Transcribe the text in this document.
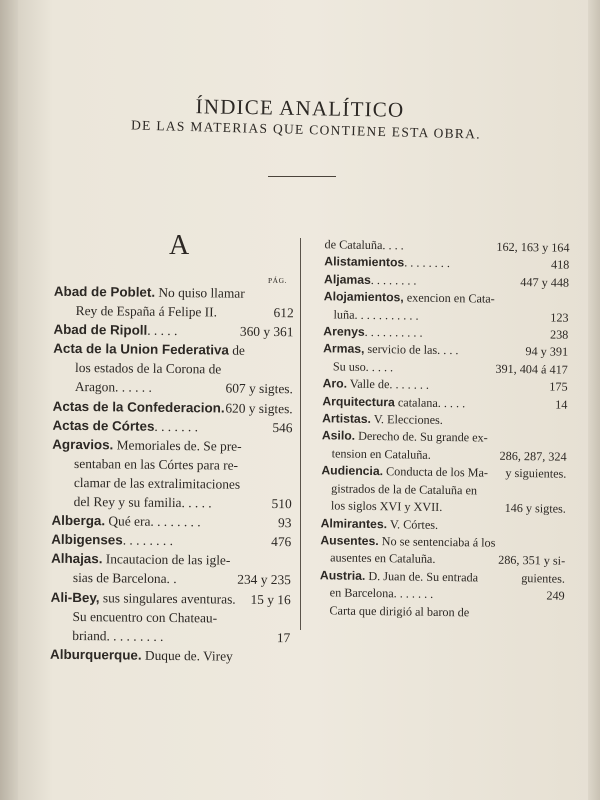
ÍNDICE ANALÍTICO
DE LAS MATERIAS QUE CONTIENE ESTA OBRA.
A
PÁG.
Abad de Poblet. No quiso llamar
Rey de España á Felipe II.	612
Abad de Ripoll. . . . .	360 y 361
Acta de la Union Federativa de
los estados de la Corona de
Aragon. . . . . .	607 y sigtes.
Actas de la Confederacion. 620 y sigtes.
Actas de Córtes. . . . . . .	546
Agravios. Memoriales de. Se pre-
sentaban en las Córtes para re-
clamar de las extralimitaciones
del Rey y su familia. . . . .	510
Alberga. Qué era. . . . . . . .	93
Albigenses. . . . . . . .	476
Alhajas. Incautacion de las igle-
sias de Barcelona. .	234 y 235
Ali-Bey, sus singulares aventuras. 15 y 16
Su encuentro con Chateau-
briand. . . . . . . . .	17
Alburquerque. Duque de. Virey
de Cataluña. . . .	162, 163 y 164
Alistamientos. . . . . . . .	418
Aljamas. . . . . . . .	447 y 448
Alojamientos, exencion en Cata-
luña. . . . . . . . . . .	123
Arenys. . . . . . . . . .	238
Armas, servicio de las. . . .	94 y 391
Su uso. . . . .	391, 404 á 417
Aro. Valle de. . . . . . .	175
Arquitectura catalana. . . . .	14
Artistas. V. Elecciones.
Asilo. Derecho de. Su grande ex-
tension en Cataluña.	286, 287, 324
y siguientes.
Audiencia. Conducta de los Ma-
gistrados de la de Cataluña en
los siglos XVI y XVII.	146 y sigtes.
Almirantes. V. Córtes.
Ausentes. No se sentenciaba á los
ausentes en Cataluña.	286, 351 y si-
guientes.
Austria. D. Juan de. Su entrada
en Barcelona. . . . . . .	249
Carta que dirigió al baron de
